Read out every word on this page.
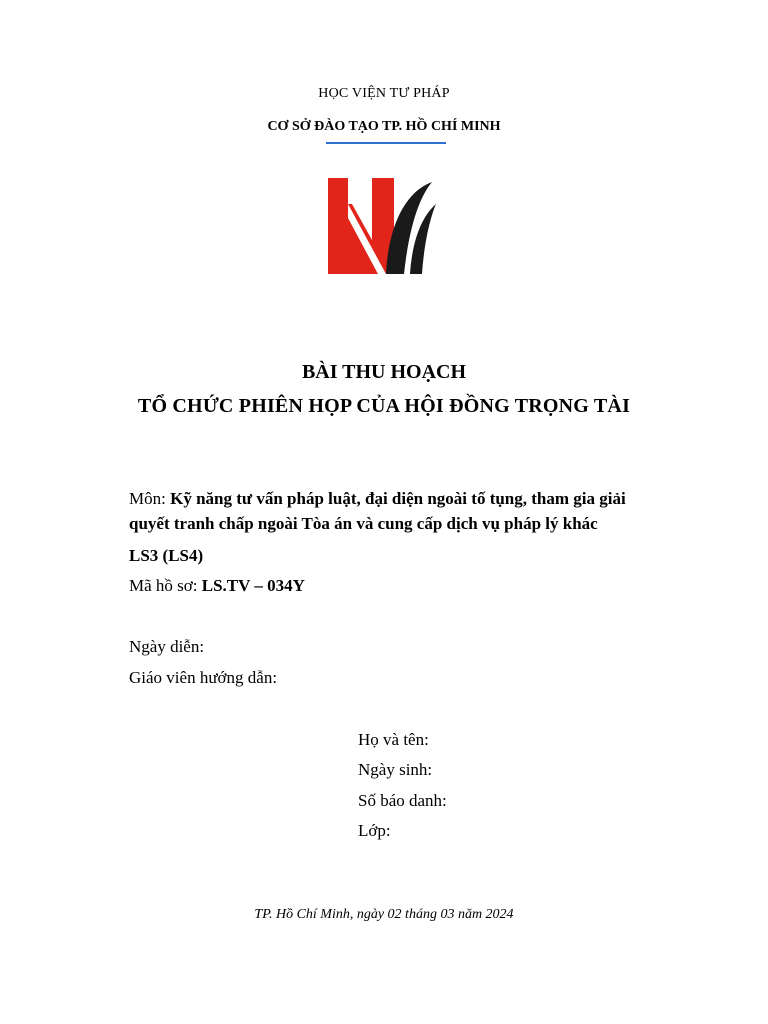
HỌC VIỆN TƯ PHÁP
CƠ SỞ ĐÀO TẠO TP. HỒ CHÍ MINH
BÀI THU HOẠCH
TỔ CHỨC PHIÊN HỌP CỦA HỘI ĐỒNG TRỌNG TÀI
Môn: Kỹ năng tư vấn pháp luật, đại diện ngoài tố tụng, tham gia giải
quyết tranh chấp ngoài Tòa án và cung cấp dịch vụ pháp lý khác
LS3 (LS4)
Mã hồ sơ: LS.TV – 034Y
Ngày diễn:
Giáo viên hướng dẫn:
Họ và tên:
Ngày sinh:
Số báo danh:
Lớp:
TP. Hồ Chí Minh, ngày 02 tháng 03 năm 2024
